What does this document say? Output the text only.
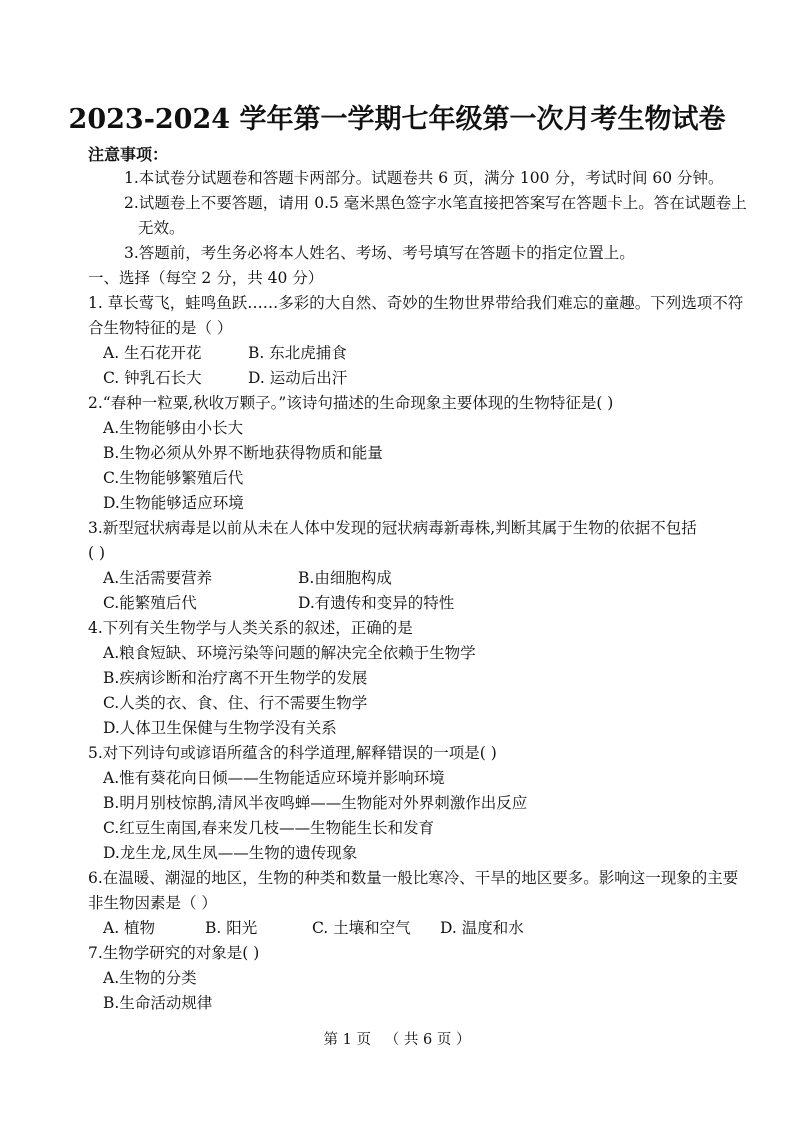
2023-2024 学年第一学期七年级第一次月考生物试卷
注意事项：
1.本试卷分试题卷和答题卡两部分。试题卷共 6 页，满分 100 分，考试时间 60 分钟。
2.试题卷上不要答题，请用 0.5 毫米黑色签字水笔直接把答案写在答题卡上。答在试题卷上
无效。
3.答题前，考生务必将本人姓名、考场、考号填写在答题卡的指定位置上。
一、选择（每空 2 分，共 40 分）
1. 草长莺飞，蛙鸣鱼跃……多彩的大自然、奇妙的生物世界带给我们难忘的童趣。下列选项不符
合生物特征的是（ ）
A. 生石花开花	B. 东北虎捕食
C. 钟乳石长大	D. 运动后出汗
2.“春种一粒粟,秋收万颗子。”该诗句描述的生命现象主要体现的生物特征是( )
A.生物能够由小长大
B.生物必须从外界不断地获得物质和能量
C.生物能够繁殖后代
D.生物能够适应环境
3.新型冠状病毒是以前从未在人体中发现的冠状病毒新毒株,判断其属于生物的依据不包括
( )
A.生活需要营养	B.由细胞构成
C.能繁殖后代	D.有遗传和变异的特性
4.下列有关生物学与人类关系的叙述，正确的是
A.粮食短缺、环境污染等问题的解决完全依赖于生物学
B.疾病诊断和治疗离不开生物学的发展
C.人类的衣、食、住、行不需要生物学
D.人体卫生保健与生物学没有关系
5.对下列诗句或谚语所蕴含的科学道理,解释错误的一项是( )
A.惟有葵花向日倾——生物能适应环境并影响环境
B.明月别枝惊鹊,清风半夜鸣蝉——生物能对外界刺激作出反应
C.红豆生南国,春来发几枝——生物能生长和发育
D.龙生龙,凤生凤——生物的遗传现象
6.在温暖、潮湿的地区，生物的种类和数量一般比寒冷、干旱的地区要多。影响这一现象的主要
非生物因素是（ ）
A. 植物	B. 阳光	C. 土壤和空气 D. 温度和水
7.生物学研究的对象是( )
A.生物的分类
B.生命活动规律
第 1 页   （ 共 6 页 ）
